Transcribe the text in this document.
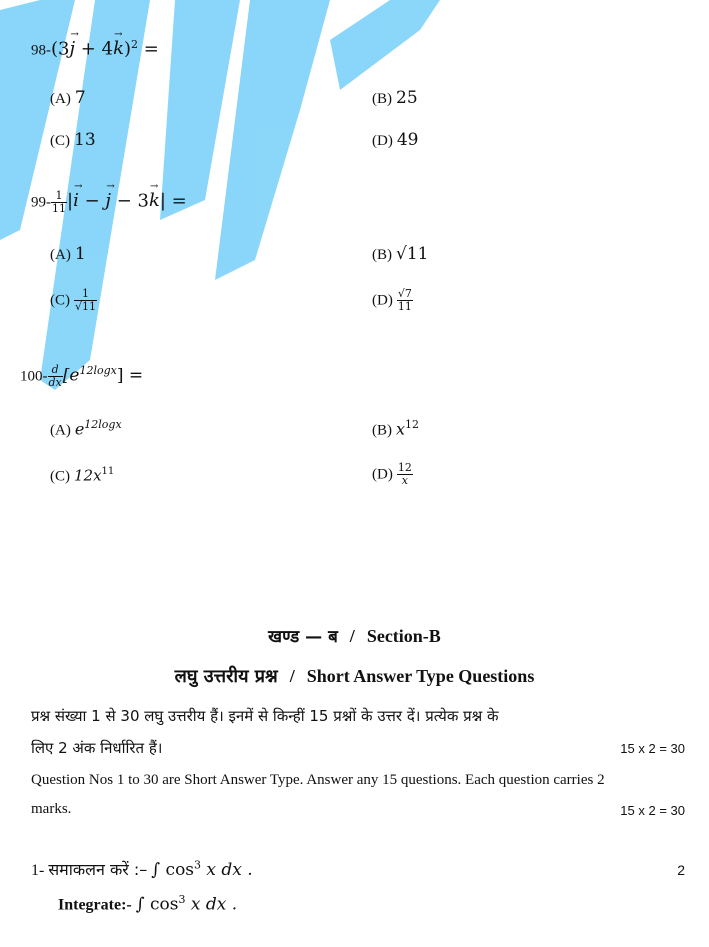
98-(3j → + 4k →)$^2$ =
(A) 7	(B) 25
(C) 13	(D) 49
$99- \frac{1}{11} |i$ → − j → − 3k →| =
(A) 1	(B) √11
$(C) \frac{1}{√11}$	$(D) \frac{√7}{11}$
$100- \frac{d}{dx} [e^{12logx}]$ =
(A) $e^{12logx}$	(B) $x^{12}$
(C) $12x^{11}$	$(D) \frac{12}{x}$
खण्ड — ब / Section-B
लघु उत्तरीय प्रश्न / Short Answer Type Questions
प्रश्न संख्या 1 से 30 लघु उत्तरीय हैं। इनमें से किन्हीं 15 प्रश्नों के उत्तर दें। प्रत्येक प्रश्न के
लिए 2 अंक निर्धारित हैं।	15 x 2 = 30
Question Nos 1 to 30 are Short Answer Type. Answer any 15 questions. Each question carries 2
marks.	15 x 2 = 30
1- समाकलन करें :– ∫ $\cos^3 x$ dx .	2
Integrate:- ∫ $\cos^3 x$ dx .
